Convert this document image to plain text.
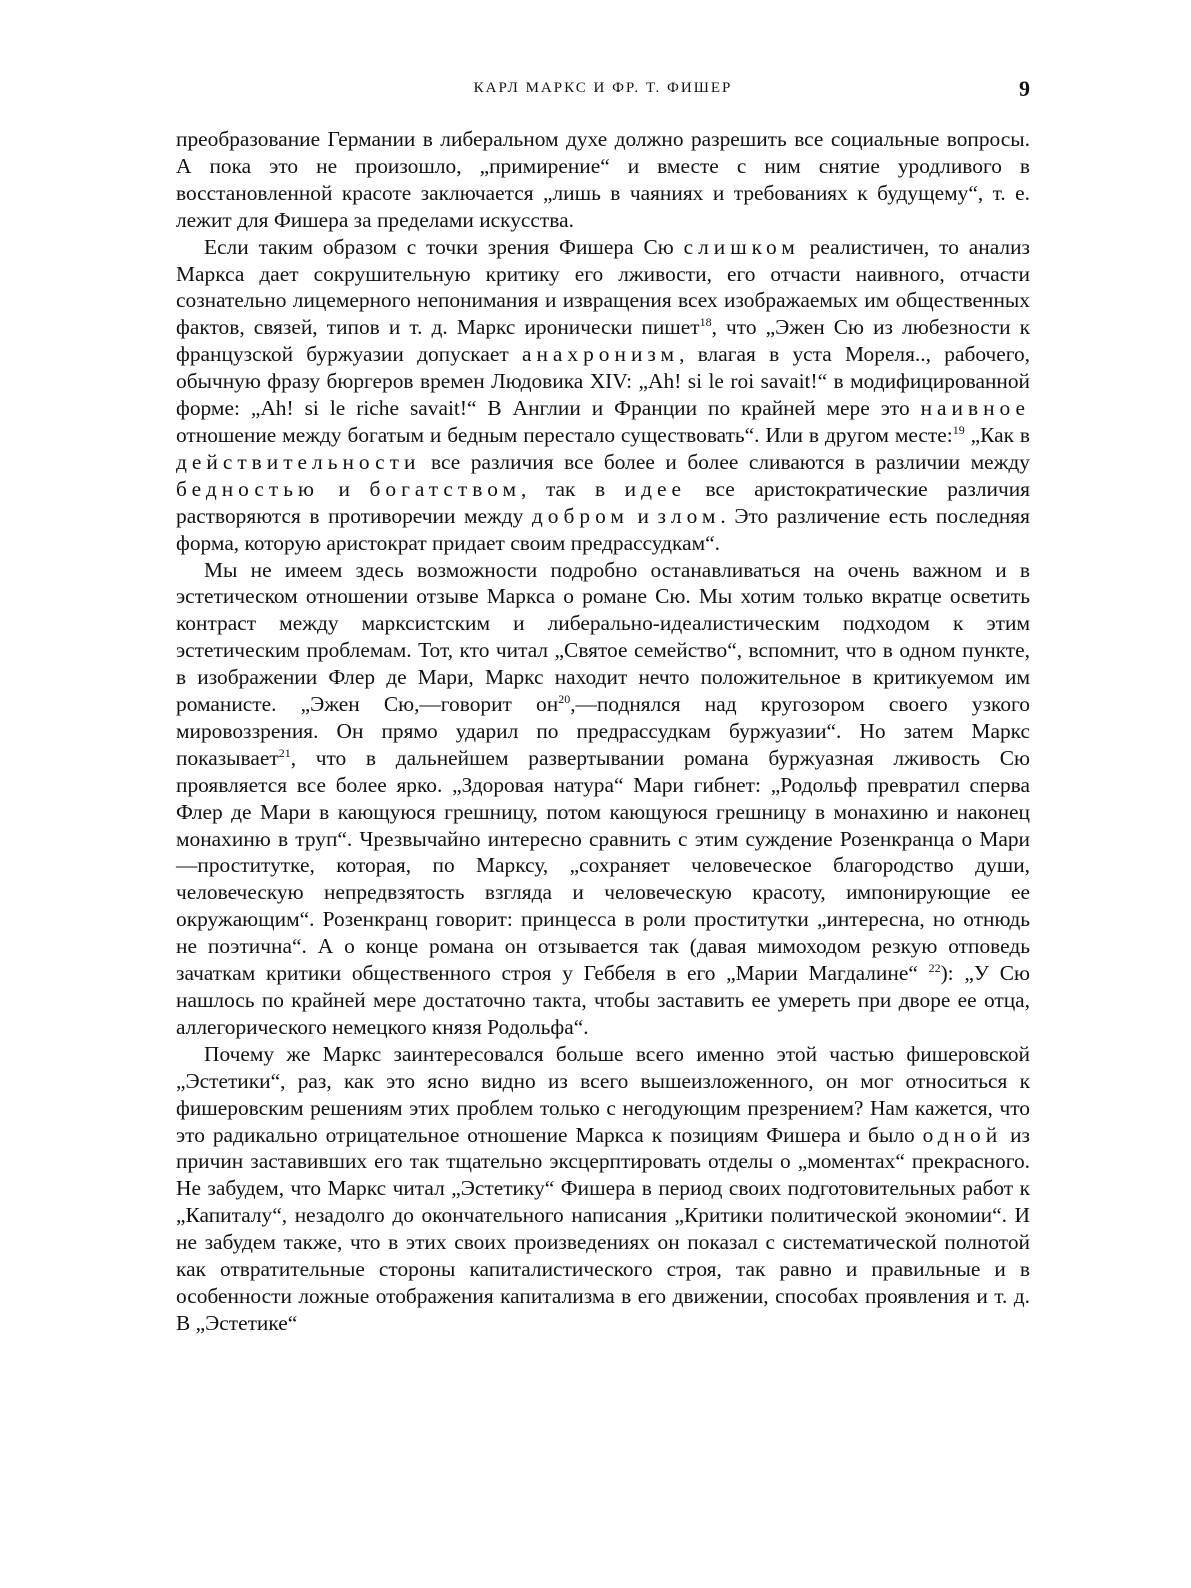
КАРЛ МАРКС И ФР. Т. ФИШЕР	9

преобразование Германии в либеральном духе должно разрешить все социальные вопросы. А пока это не произошло, „примирение“ и вместе с ним снятие уродливого в восстановленной красоте заключается „лишь в чаяниях и требованиях к будущему“, т. е. лежит для Фишера за пределами искусства.

Если таким образом с точки зрения Фишера Сю слишком реалистичен, то анализ Маркса дает сокрушительную критику его лживости, его отчасти наивного, отчасти сознательно лицемерного непонимания и извращения всех изображаемых им общественных фактов, связей, типов и т. д. Маркс иронически пишет$^{18}$, что „Эжен Сю из любезности к французской буржуазии допускает анахронизм, влагая в уста Мореля.., рабочего, обычную фразу бюргеров времен Людовика XIV: „Ah! si le roi savait!“ в модифицированной форме: „Ah! si le riche savait!“ В Англии и Франции по крайней мере это наивное отношение между богатым и бедным перестало существовать“. Или в другом месте:$^{19}$ „Как в действительности все различия все более и более сливаются в различии между бедностью и богатством, так в идее все аристократические различия растворяются в противоречии между добром и злом. Это различение есть последняя форма, которую аристократ придает своим предрассудкам“.

Мы не имеем здесь возможности подробно останавливаться на очень важном и в эстетическом отношении отзыве Маркса о романе Сю. Мы хотим только вкратце осветить контраст между марксистским и либерально-идеалистическим подходом к этим эстетическим проблемам. Тот, кто читал „Святое семейство“, вспомнит, что в одном пункте, в изображении Флер де Мари, Маркс находит нечто положительное в критикуемом им романисте. „Эжен Сю,—говорит $он^{20},—поднялся$ над кругозором своего узкого мировоззрения. Он прямо ударил по предрассудкам буржуазии“. Но затем Маркс показывает$^{21}$, что в дальнейшем развертывании романа буржуазная лживость Сю проявляется все более ярко. „Здоровая натура“ Мари гибнет: „Родольф превратил сперва Флер де Мари в кающуюся грешницу, потом кающуюся грешницу в монахиню и наконец монахиню в труп“. Чрезвычайно интересно сравнить с этим суждение Розенкранца о Мари—проститутке, которая, по Марксу, „сохраняет человеческое благородство души, человеческую непредвзятость взгляда и человеческую красоту, импонирующие ее окружающим“. Розенкранц говорит: принцесса в роли проститутки „интересна, но отнюдь не поэтична“. А о конце романа он отзывается так (давая мимоходом резкую отповедь зачаткам критики общественного строя у Геббеля в его „Марии Магдалине“ $^{22}$): „У Сю нашлось по крайней мере достаточно такта, чтобы заставить ее умереть при дворе ее отца, аллегорического немецкого князя Родольфа“.

Почему же Маркс заинтересовался больше всего именно этой частью фишеровской „Эстетики“, раз, как это ясно видно из всего вышеизложенного, он мог относиться к фишеровским решениям этих проблем только с негодующим презрением? Нам кажется, что это радикально отрицательное отношение Маркса к позициям Фишера и было одной из причин заставивших его так тщательно эксцерптировать отделы о „моментах“ прекрасного. Не забудем, что Маркс читал „Эстетику“ Фишера в период своих подготовительных работ к „Капиталу“, незадолго до окончательного написания „Критики политической экономии“. И не забудем также, что в этих своих произведениях он показал с систематической полнотой как отвратительные стороны капиталистического строя, так равно и правильные и в особенности ложные отображения капитализма в его движении, способах проявления и т. д. В „Эстетике“
